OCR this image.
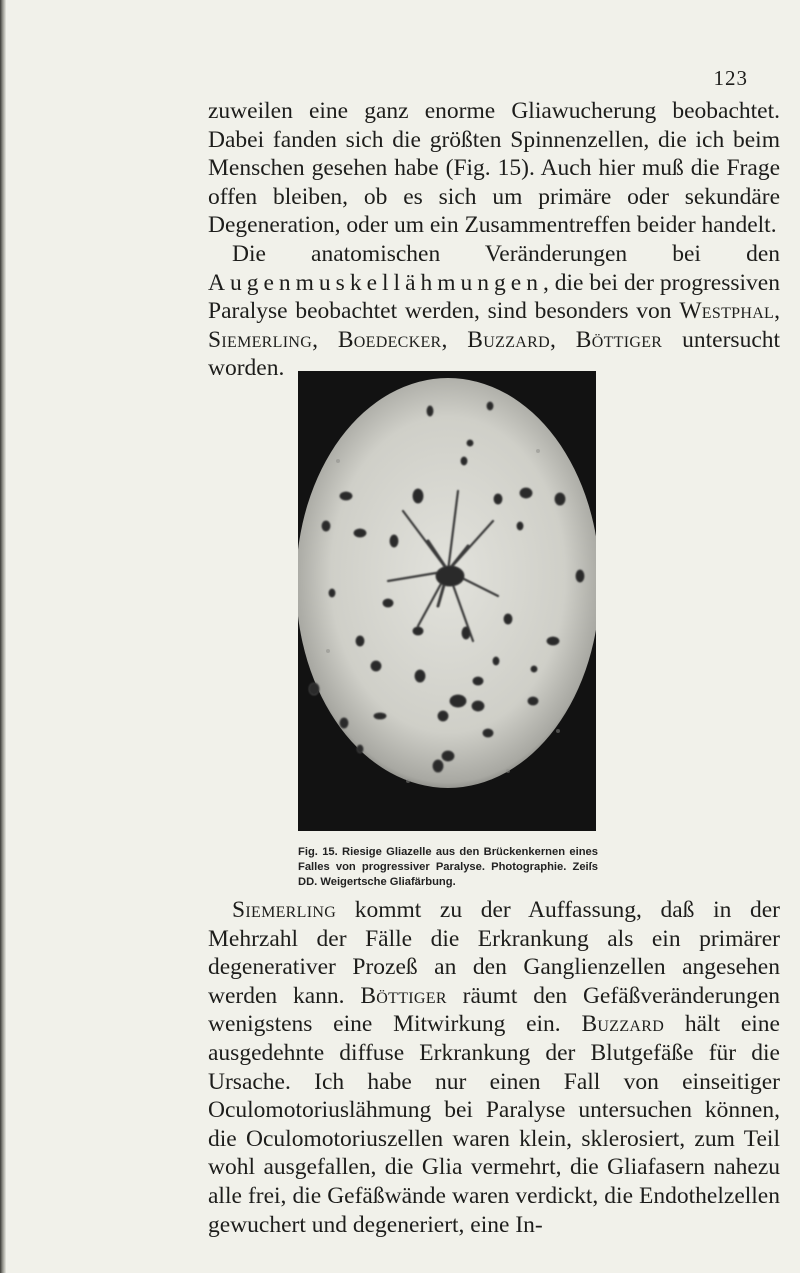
123

zuweilen eine ganz enorme Gliawucherung beobachtet. Dabei fanden sich die größten Spinnenzellen, die ich beim Menschen gesehen habe (Fig. 15). Auch hier muß die Frage offen bleiben, ob es sich um primäre oder sekundäre Degeneration, oder um ein Zusammentreffen beider handelt.

Die anatomischen Veränderungen bei den Augenmuskellähmungen, die bei der progressiven Paralyse beobachtet werden, sind besonders von Westphal, Siemerling, Boedecker, Buzzard, Böttiger untersucht worden.

Fig. 15. Riesige Gliazelle aus den Brückenkernen eines Falles von progressiver Paralyse. Photographie. Zeiſs DD. Weigertsche Gliafärbung.

Siemerling kommt zu der Auffassung, daß in der Mehrzahl der Fälle die Erkrankung als ein primärer degenerativer Prozeß an den Ganglienzellen angesehen werden kann. Böttiger räumt den Gefäßveränderungen wenigstens eine Mitwirkung ein. Buzzard hält eine ausgedehnte diffuse Erkrankung der Blutgefäße für die Ursache. Ich habe nur einen Fall von einseitiger Oculomotoriuslähmung bei Paralyse untersuchen können, die Oculomotoriuszellen waren klein, sklerosiert, zum Teil wohl ausgefallen, die Glia vermehrt, die Gliafasern nahezu alle frei, die Gefäßwände waren verdickt, die Endothelzellen gewuchert und degeneriert, eine In-
